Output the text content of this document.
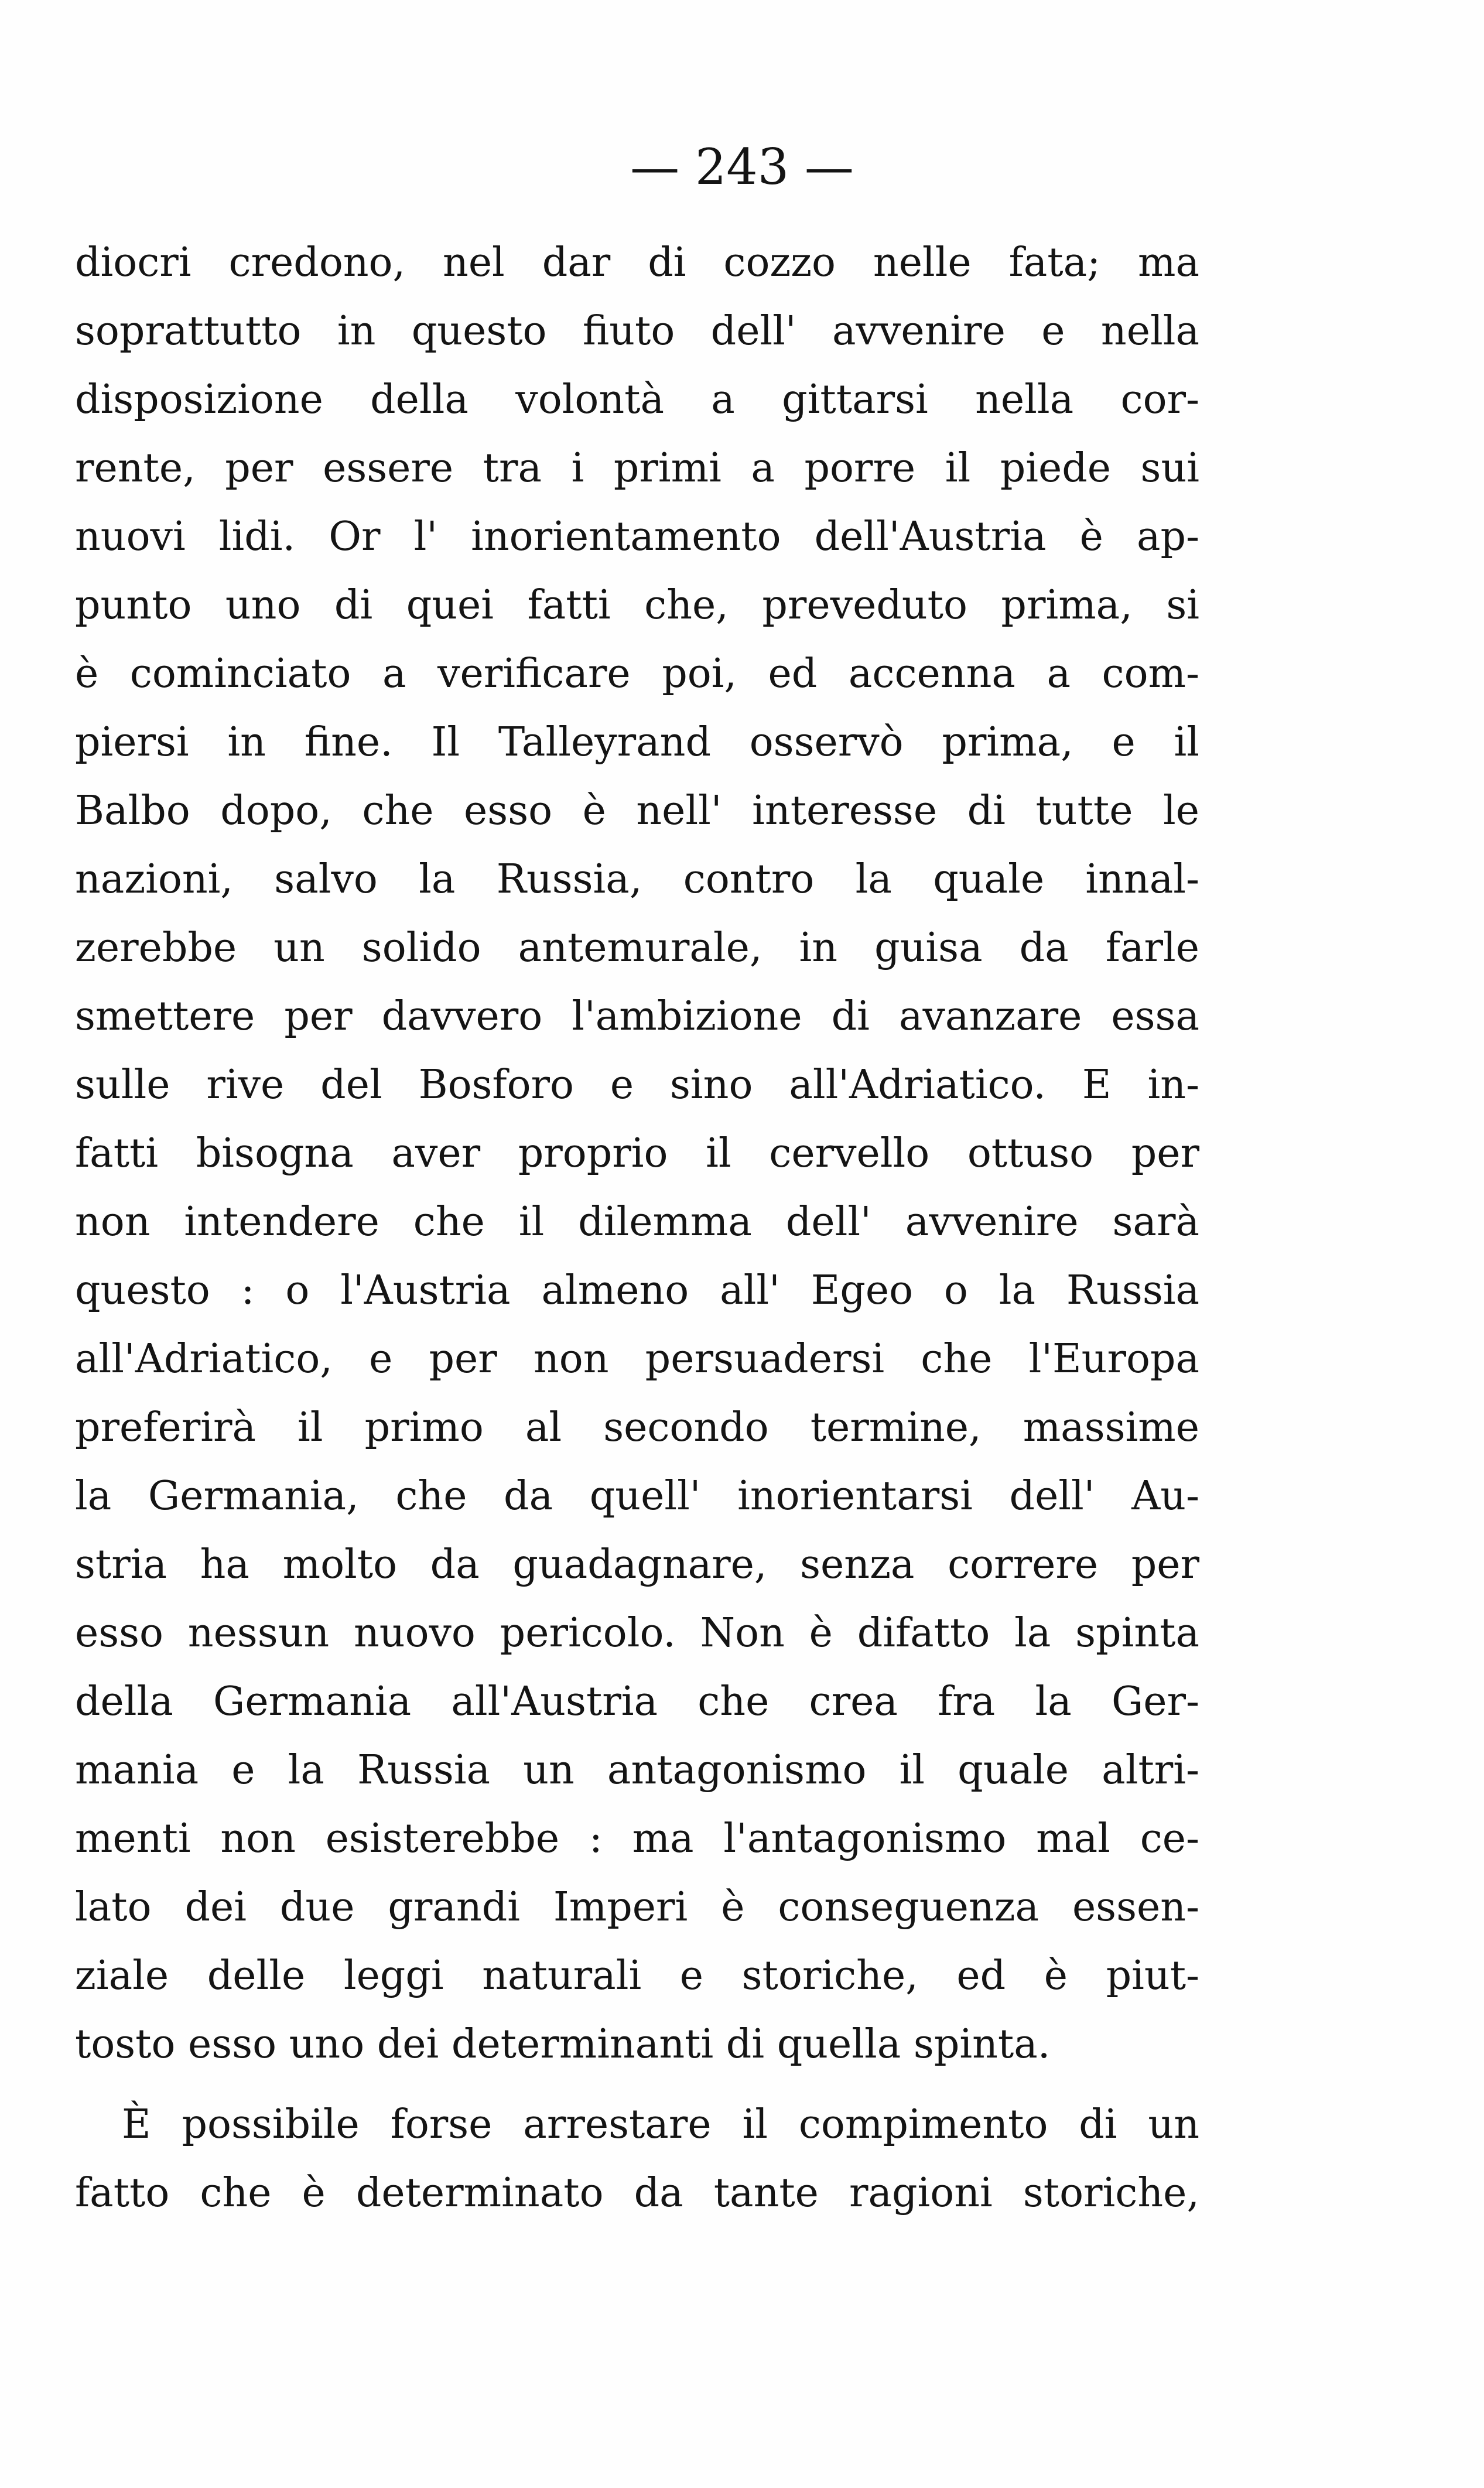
— 243 —
diocri credono, nel dar di cozzo nelle fata; ma
soprattutto in questo fiuto dell' avvenire e nella
disposizione della volontà a gittarsi nella cor-
rente, per essere tra i primi a porre il piede sui
nuovi lidi. Or l' inorientamento dell'Austria è ap-
punto uno di quei fatti che, preveduto prima, si
è cominciato a verificare poi, ed accenna a com-
piersi in fine. Il Talleyrand osservò prima, e il
Balbo dopo, che esso è nell' interesse di tutte le
nazioni, salvo la Russia, contro la quale innal-
zerebbe un solido antemurale, in guisa da farle
smettere per davvero l'ambizione di avanzare essa
sulle rive del Bosforo e sino all'Adriatico. E in-
fatti bisogna aver proprio il cervello ottuso per
non intendere che il dilemma dell' avvenire sarà
questo : o l'Austria almeno all' Egeo o la Russia
all'Adriatico, e per non persuadersi che l'Europa
preferirà il primo al secondo termine, massime
la Germania, che da quell' inorientarsi dell' Au-
stria ha molto da guadagnare, senza correre per
esso nessun nuovo pericolo. Non è difatto la spinta
della Germania all'Austria che crea fra la Ger-
mania e la Russia un antagonismo il quale altri-
menti non esisterebbe : ma l'antagonismo mal ce-
lato dei due grandi Imperi è conseguenza essen-
ziale delle leggi naturali e storiche, ed è piut-
tosto esso uno dei determinanti di quella spinta.
È possibile forse arrestare il compimento di un
fatto che è determinato da tante ragioni storiche,
